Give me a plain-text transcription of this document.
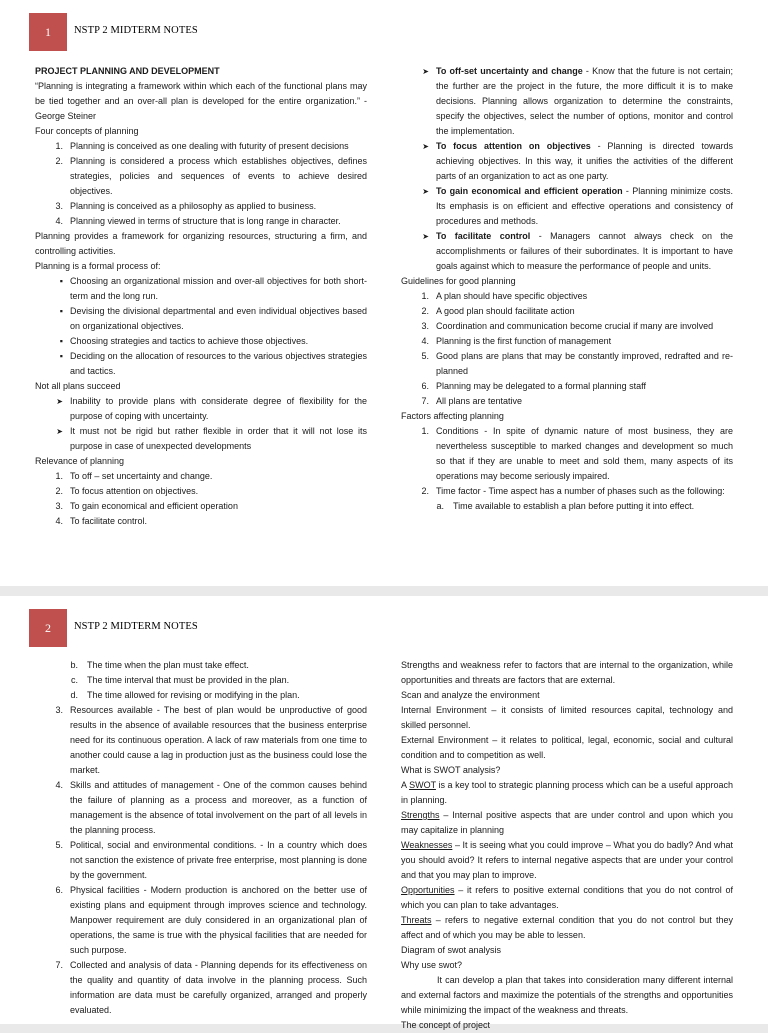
1	NSTP 2 MIDTERM NOTES

PROJECT PLANNING AND DEVELOPMENT

“Planning is integrating a framework within which each of the functional plans may be tied together and an over-all plan is developed for the entire organization.” - George Steiner

Four concepts of planning

1. Planning is conceived as one dealing with futurity of present decisions
2. Planning is considered a process which establishes objectives, defines strategies, policies and sequences of events to achieve desired objectives.
3. Planning is conceived as a philosophy as applied to business.
4. Planning viewed in terms of structure that is long range in character.

Planning provides a framework for organizing resources, structuring a firm, and controlling activities.

Planning is a formal process of:

▪ Choosing an organizational mission and over-all objectives for both short-term and the long run.
▪ Devising the divisional departmental and even individual objectives based on organizational objectives.
▪ Choosing strategies and tactics to achieve those objectives.
▪ Deciding on the allocation of resources to the various objectives strategies and tactics.

Not all plans succeed

➤ Inability to provide plans with considerate degree of flexibility for the purpose of coping with uncertainty.
➤ It must not be rigid but rather flexible in order that it will not lose its purpose in case of unexpected developments

Relevance of planning

1. To off – set uncertainty and change.
2. To focus attention on objectives.
3. To gain economical and efficient operation
4. To facilitate control.
➤ To off-set uncertainty and change - Know that the future is not certain; the further are the project in the future, the more difficult it is to make decisions. Planning allows organization to determine the constraints, specify the objectives, select the number of options, monitor and control the implementation.
➤ To focus attention on objectives - Planning is directed towards achieving objectives. In this way, it unifies the activities of the different parts of an organization to act as one party.
➤ To gain economical and efficient operation - Planning minimize costs. Its emphasis is on efficient and effective operations and consistency of procedures and methods.
➤ To facilitate control - Managers cannot always check on the accomplishments or failures of their subordinates. It is important to have goals against which to measure the performance of people and units.

Guidelines for good planning

1. A plan should have specific objectives
2. A good plan should facilitate action
3. Coordination and communication become crucial if many are involved
4. Planning is the first function of management
5. Good plans are plans that may be constantly improved, redrafted and re-planned
6. Planning may be delegated to a formal planning staff
7. All plans are tentative

Factors affecting planning

1. Conditions - In spite of dynamic nature of most business, they are nevertheless susceptible to marked changes and development so much so that if they are unable to meet and sold them, many aspects of its operations may become seriously impaired.
2. Time factor - Time aspect has a number of phases such as the following:
a. Time available to establish a plan before putting it into effect.
2	NSTP 2 MIDTERM NOTES
b. The time when the plan must take effect.
c. The time interval that must be provided in the plan.
d. The time allowed for revising or modifying in the plan.
3. Resources available - The best of plan would be unproductive of good results in the absence of available resources that the business enterprise need for its continuous operation. A lack of raw materials from one time to another could cause a lag in production just as the business could lose the market.
4. Skills and attitudes of management - One of the common causes behind the failure of planning as a process and moreover, as a function of management is the absence of total involvement on the part of all levels in the planning process.
5. Political, social and environmental conditions. - In a country which does not sanction the existence of private free enterprise, most planning is done by the government.
6. Physical facilities - Modern production is anchored on the better use of existing plans and equipment through improves science and technology. Manpower requirement are duly considered in an organizational plan of operations, the same is true with the physical facilities that are needed for such purpose.
7. Collected and analysis of data - Planning depends for its effectiveness on the quality and quantity of data involve in the planning process. Such information are data must be carefully organized, arranged and properly evaluated.

Strengths and weakness refer to factors that are internal to the organization, while opportunities and threats are factors that are external.

Scan and analyze the environment

Internal Environment – it consists of limited resources capital, technology and skilled personnel.

External Environment – it relates to political, legal, economic, social and cultural condition and to competition as well.

What is SWOT analysis?

A SWOT is a key tool to strategic planning process which can be a useful approach in planning.

Strengths – Internal positive aspects that are under control and upon which you may capitalize in planning

Weaknesses – It is seeing what you could improve – What you do badly? And what you should avoid? It refers to internal negative aspects that are under your control and that you may plan to improve.

Opportunities – it refers to positive external conditions that you do not control of which you can plan to take advantages.

Threats – refers to negative external condition that you do not control but they affect and of which you may be able to lessen.

Diagram of swot analysis

Why use swot?

It can develop a plan that takes into consideration many different internal and external factors and maximize the potentials of the strengths and opportunities while minimizing the impact of the weakness and threats.

The concept of project
